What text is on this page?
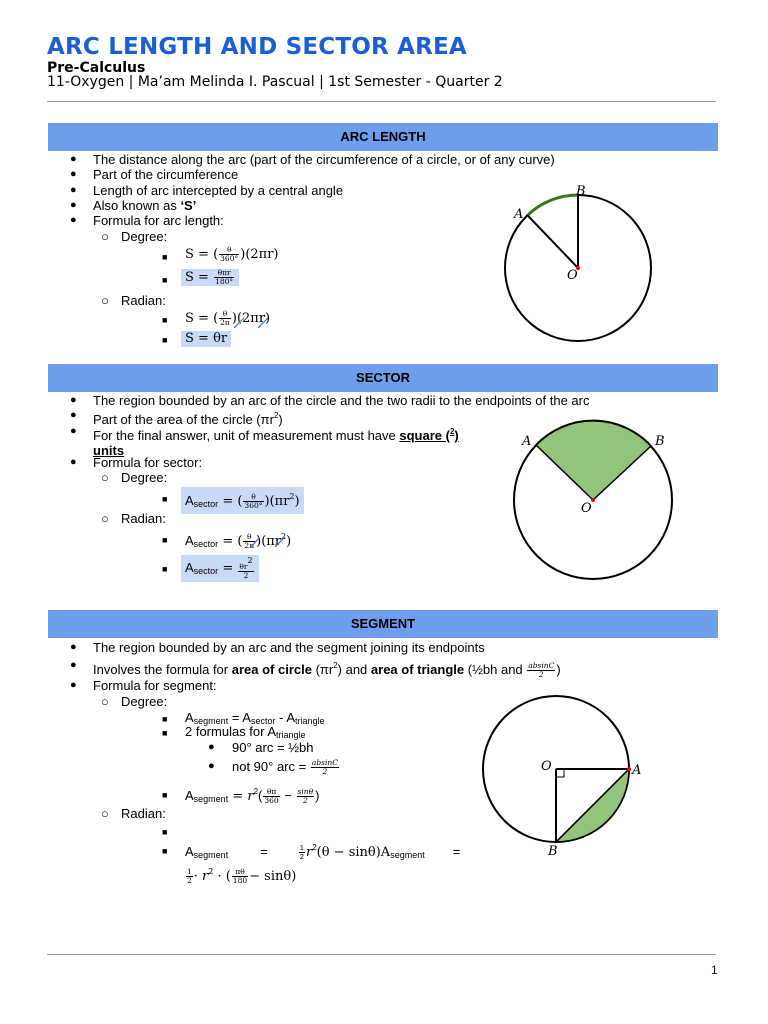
ARC LENGTH AND SECTOR AREA
Pre-Calculus
11-Oxygen | Ma’am Melinda I. Pascual | 1st Semester - Quarter 2
ARC LENGTH
● The distance along the arc (part of the circumference of a circle, or of any curve)
● Part of the circumference
● Length of arc intercepted by a central angle
● Also known as ‘S’
● Formula for arc length:
○ Degree:
■ S = ( $\frac{\theta}{360^\circ} )(2\pi r)$
■	$S = \frac{\text{θπr}}{180^\circ}$
○ Radian:
■ S = ( $\frac{\theta}{2\pi} )(2\pi r)$
■	S = θr
B
A
O
SECTOR
● The region bounded by an arc of the circle and the two radii to the endpoints of the arc
● Part of the area of the circle $(\pi r^2)$
● For the final answer, unit of measurement must have square ($^2$)
units
● Formula for sector:
○ Degree:
■	Asector = ( $\frac{\theta}{360^\circ} )(\pi r^2)$
○ Radian:
■ Asector = ( $\frac{\theta}{2\pi} )(\pi r^2)$
■	Asector = $\frac{\theta r2}{2}$
A	B
O
SEGMENT
● The region bounded by an arc and the segment joining its endpoints
● Involves the formula for area of circle $(\pi r^2)$ and area of triangle (½bh and $\frac{absinC}{2}$ )
● Formula for segment:
○ Degree:
■ Asegment = Asector - Atriangle
■ 2 formulas for Atriangle
● 90° arc = ½bh
● not 90° arc = $\frac{absinC}{2}$
■ Asegment = $r^2( \frac{\theta\pi}{360} - \frac{\sin\theta}{2}$ )
○ Radian:
■
■ Asegment =	$\frac{1}{2} r^2(\theta$ − sinθ)Asegment =
$\frac{1}{2} \cdot r^2$ · ( $\frac{\pi\theta}{180} - \sin\theta$)
O	A
B
1
